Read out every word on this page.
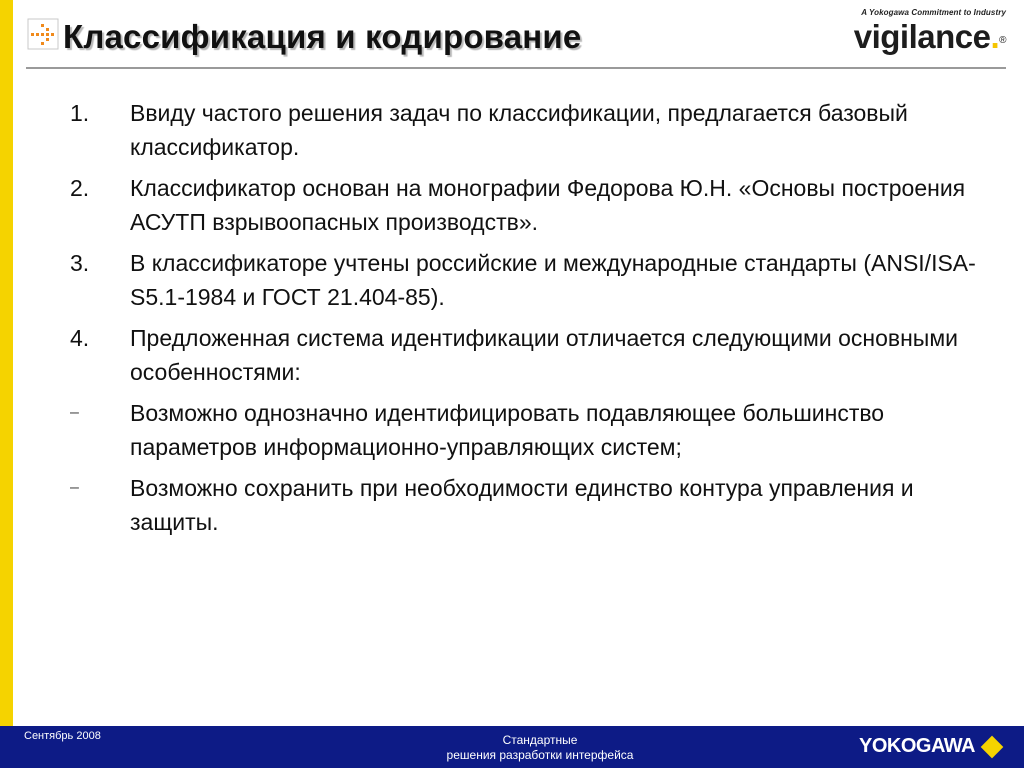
Классификация и кодирование
A Yokogawa Commitment to Industry
vigilance.®
1.	Ввиду частого решения задач по классификации, предлагается базовый классификатор.
2.	Классификатор основан на монографии Федорова Ю.Н. «Основы построения АСУТП взрывоопасных производств».
3.	В классификаторе учтены российские и международные стандарты (ANSI/ISA-S5.1-1984 и ГОСТ 21.404-85).
4.	Предложенная система идентификации отличается следующими основными особенностями:
–	Возможно однозначно идентифицировать подавляющее большинство параметров информационно-управляющих систем;
–	Возможно сохранить при необходимости единство контура управления и защиты.
Сентябрь 2008	Стандартные
решения разработки интерфейса	YOKOGAWA
